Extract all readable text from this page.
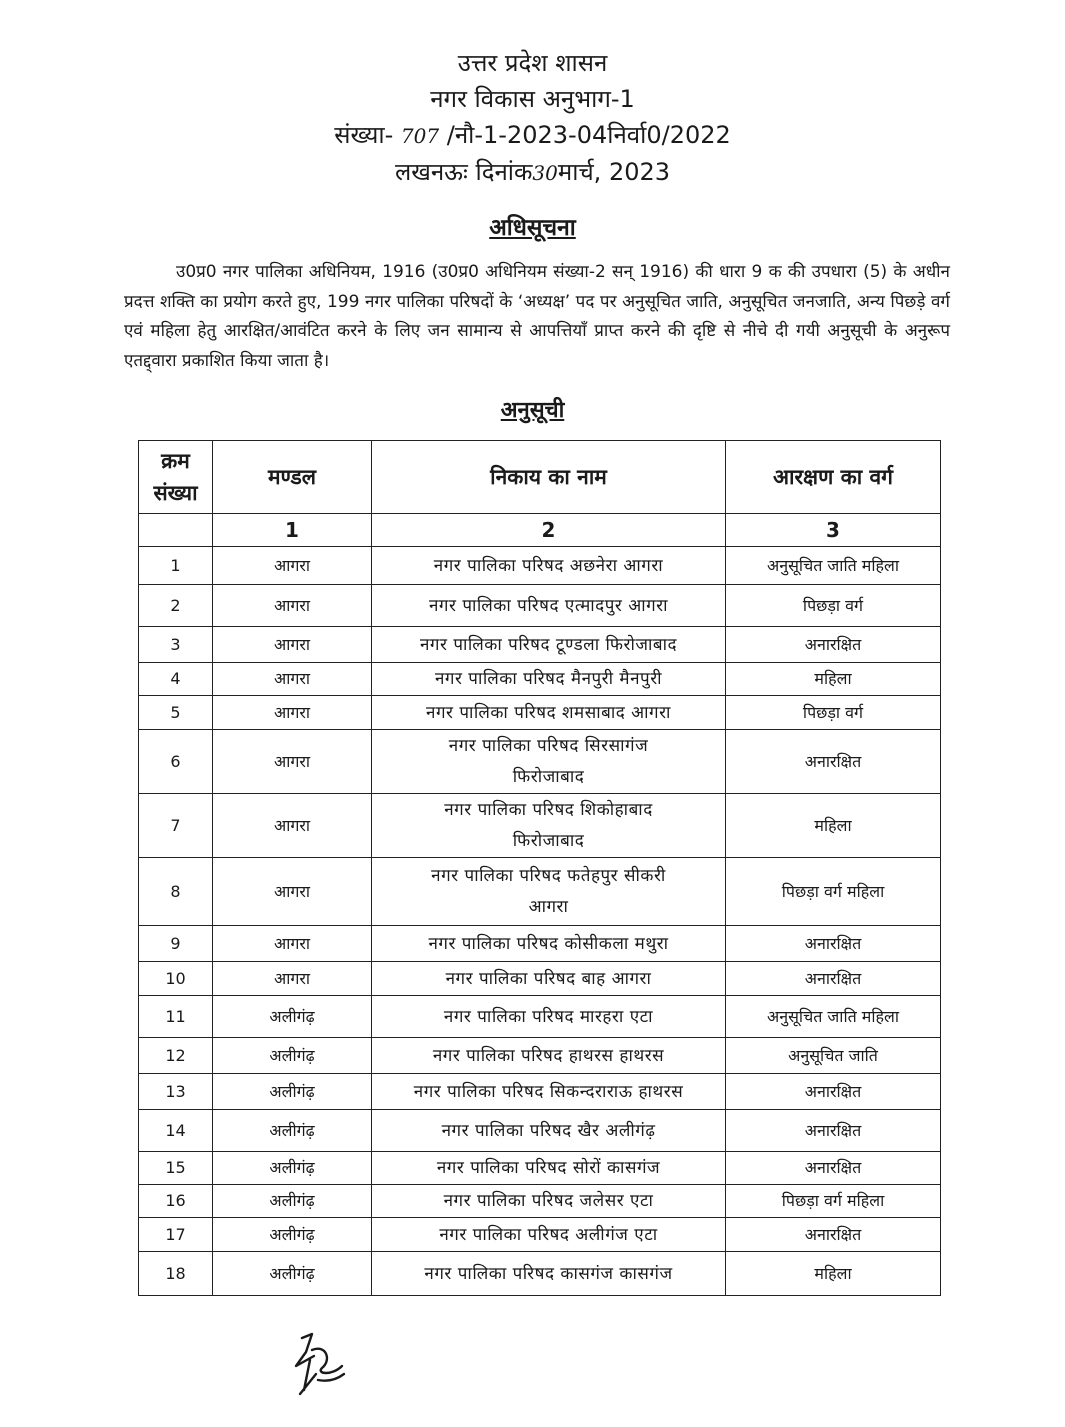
उत्तर प्रदेश शासन
नगर विकास अनुभाग-1
संख्या- 707 /नौ-1-2023-04निर्वा0/2022
लखनऊः दिनांक30मार्च, 2023
अधिसूचना
उ0प्र0 नगर पालिका अधिनियम, 1916 (उ0प्र0 अधिनियम संख्या-2 सन् 1916) की धारा 9 क की उपधारा (5) के अधीन प्रदत्त शक्ति का प्रयोग करते हुए, 199 नगर पालिका परिषदों के ‘अध्यक्ष’ पद पर अनुसूचित जाति, अनुसूचित जनजाति, अन्य पिछड़े वर्ग एवं महिला हेतु आरक्षित/आवंटित करने के लिए जन सामान्य से आपत्तियाँ प्राप्त करने की दृष्टि से नीचे दी गयी अनुसूची के अनुरूप एतद्द्वारा प्रकाशित किया जाता है।
अनुसूची
क्रम संख्या	मण्डल	निकाय का नाम	आरक्षण का वर्ग
	1	2	3
1	आगरा	नगर पालिका परिषद अछनेरा आगरा	अनुसूचित जाति महिला
2	आगरा	नगर पालिका परिषद एत्मादपुर आगरा	पिछड़ा वर्ग
3	आगरा	नगर पालिका परिषद टूण्डला फिरोजाबाद	अनारक्षित
4	आगरा	नगर पालिका परिषद मैनपुरी मैनपुरी	महिला
5	आगरा	नगर पालिका परिषद शमसाबाद आगरा	पिछड़ा वर्ग
6	आगरा	नगर पालिका परिषद सिरसागंज
फिरोजाबाद	अनारक्षित
7	आगरा	नगर पालिका परिषद शिकोहाबाद
फिरोजाबाद	महिला
8	आगरा	नगर पालिका परिषद फतेहपुर सीकरी
आगरा	पिछड़ा वर्ग महिला
9	आगरा	नगर पालिका परिषद कोसीकला मथुरा	अनारक्षित
10	आगरा	नगर पालिका परिषद बाह आगरा	अनारक्षित
11	अलीगंढ़	नगर पालिका परिषद मारहरा एटा	अनुसूचित जाति महिला
12	अलीगंढ़	नगर पालिका परिषद हाथरस हाथरस	अनुसूचित जाति
13	अलीगंढ़	नगर पालिका परिषद सिकन्दराराऊ हाथरस	अनारक्षित
14	अलीगंढ़	नगर पालिका परिषद खैर अलीगंढ़	अनारक्षित
15	अलीगंढ़	नगर पालिका परिषद सोरों कासगंज	अनारक्षित
16	अलीगंढ़	नगर पालिका परिषद जलेसर एटा	पिछड़ा वर्ग महिला
17	अलीगंढ़	नगर पालिका परिषद अलीगंज एटा	अनारक्षित
18	अलीगंढ़	नगर पालिका परिषद कासगंज कासगंज	महिला
